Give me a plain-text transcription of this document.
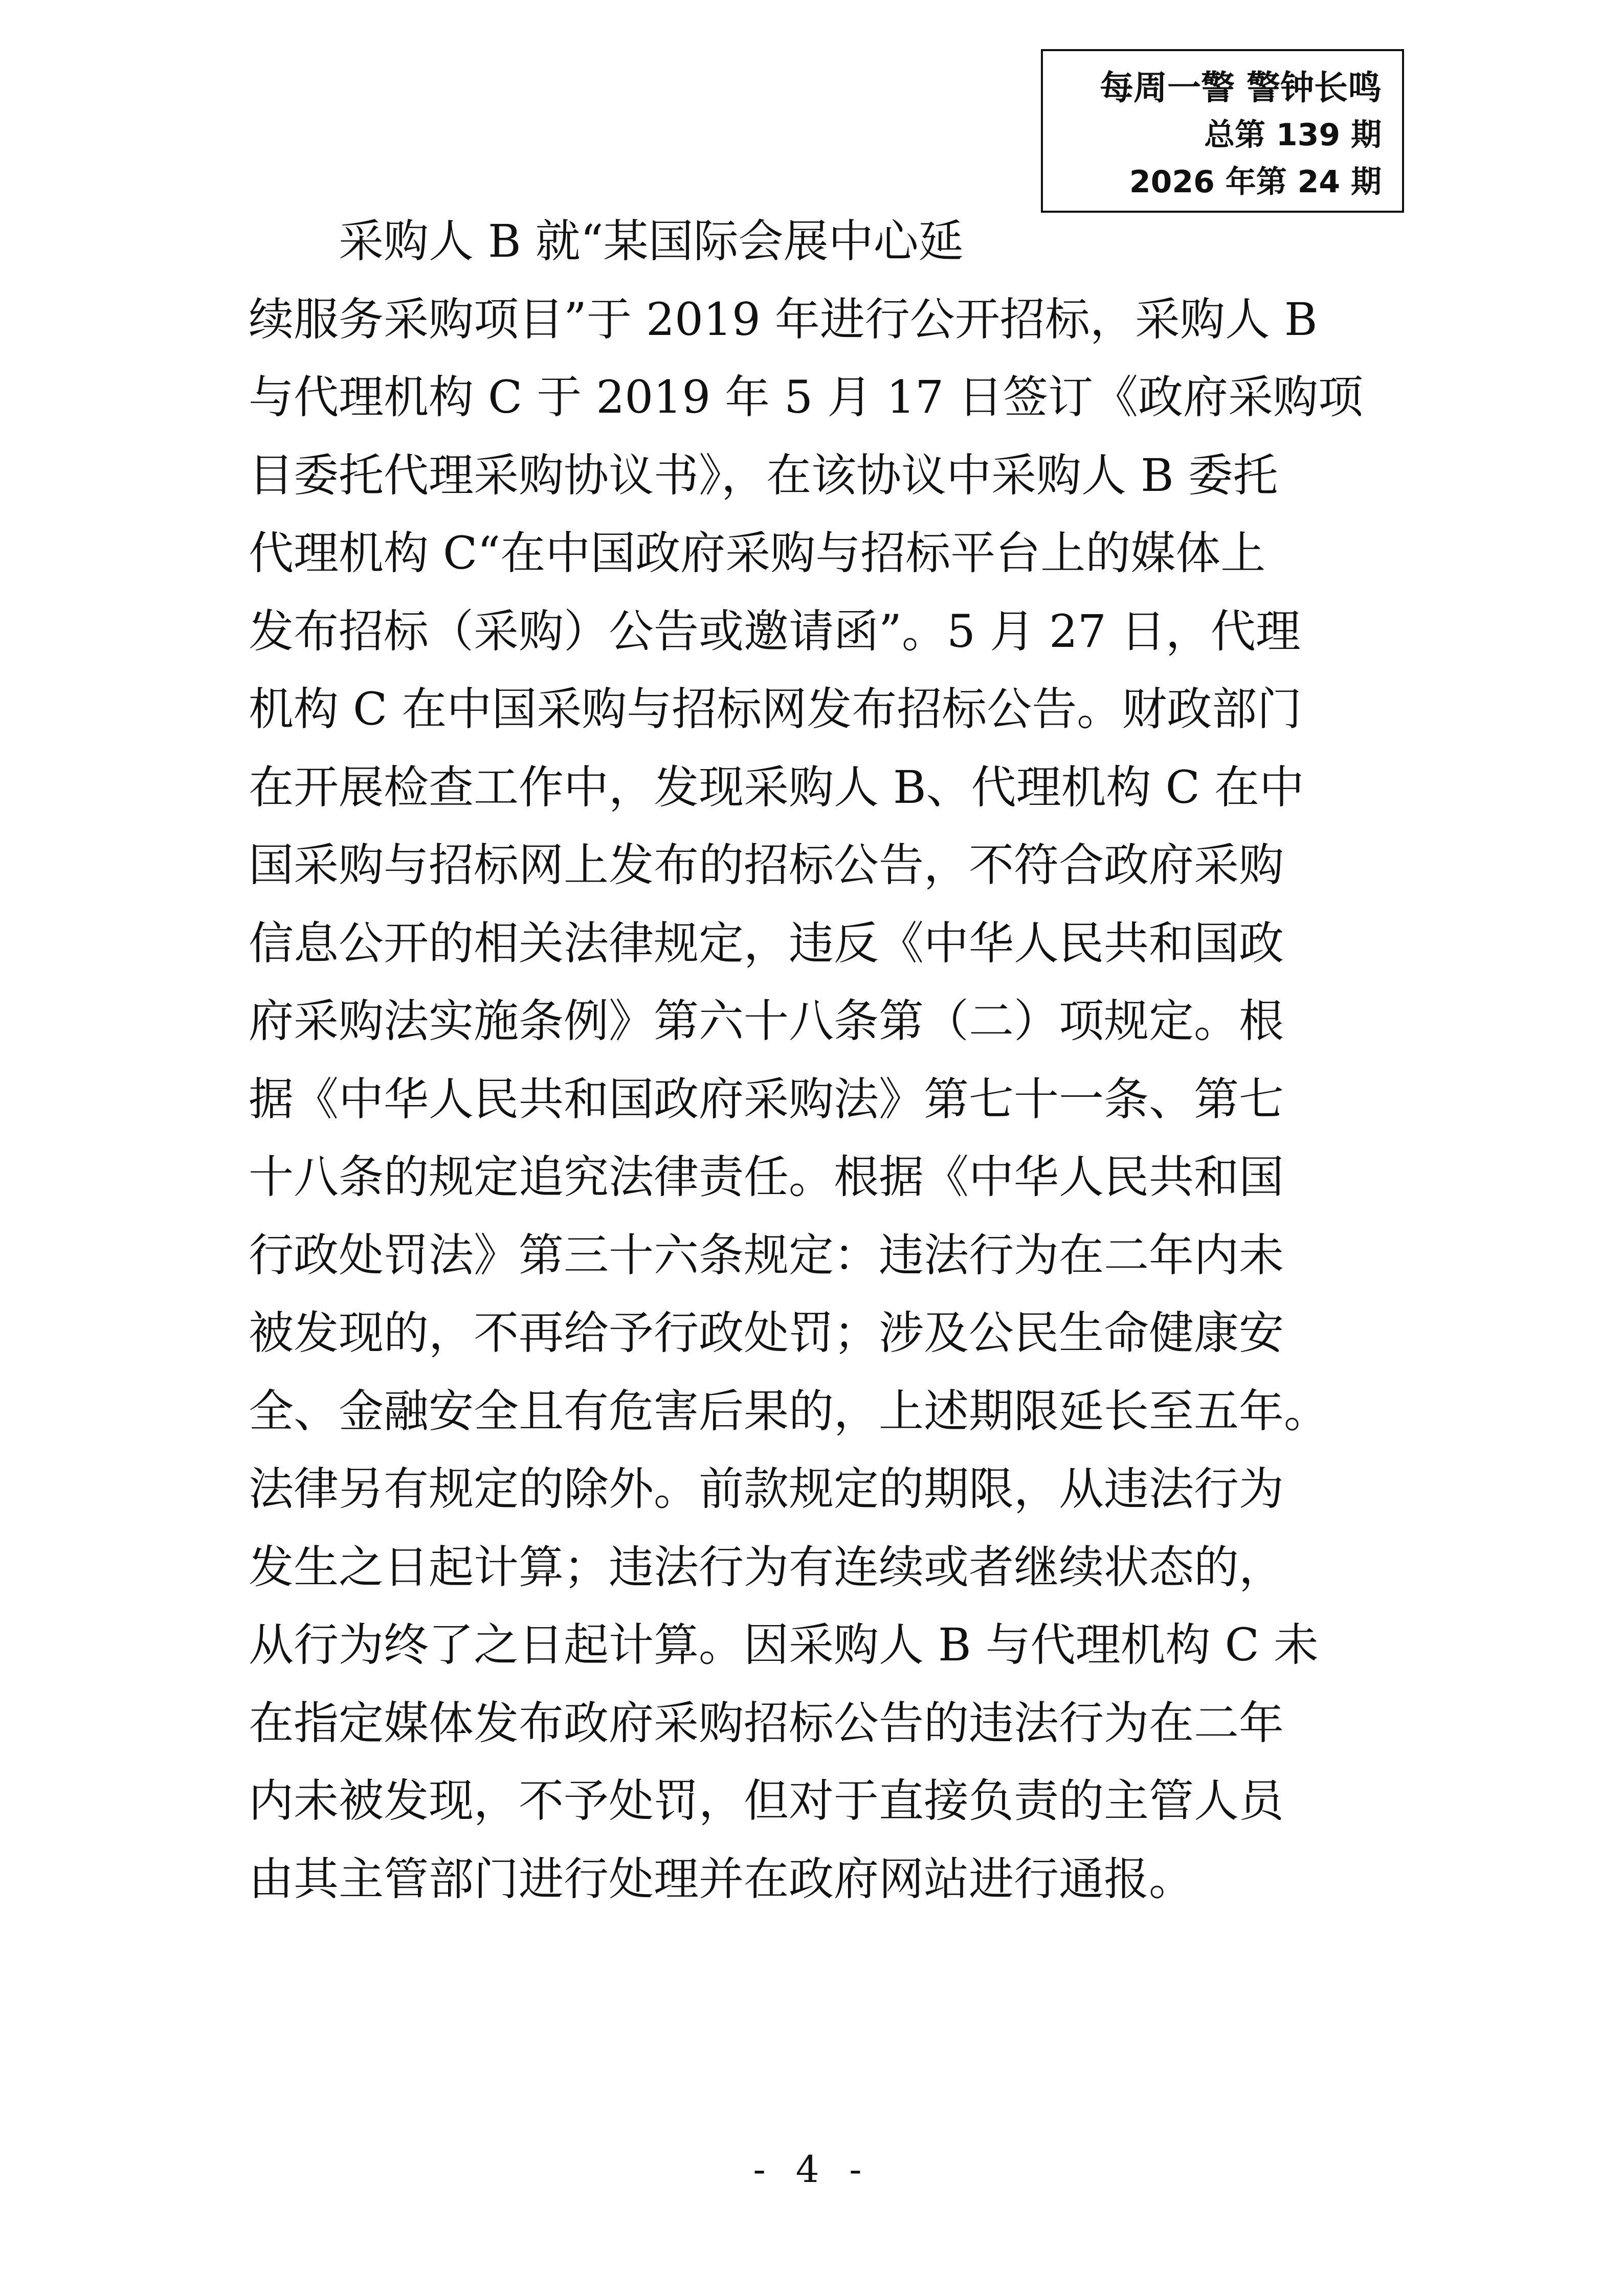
每周一警 警钟长鸣
总第 139 期
2026 年第 24 期
采购人 B 就“某国际会展中心延
续服务采购项目”于 2019 年进行公开招标，采购人 B
与代理机构 C 于 2019 年 5 月 17 日签订《政府采购项
目委托代理采购协议书》，在该协议中采购人 B 委托
代理机构 C“在中国政府采购与招标平台上的媒体上
发布招标（采购）公告或邀请函”。5 月 27 日，代理
机构 C 在中国采购与招标网发布招标公告。财政部门
在开展检查工作中，发现采购人 B、代理机构 C 在中
国采购与招标网上发布的招标公告，不符合政府采购
信息公开的相关法律规定，违反《中华人民共和国政
府采购法实施条例》第六十八条第（二）项规定。根
据《中华人民共和国政府采购法》第七十一条、第七
十八条的规定追究法律责任。根据《中华人民共和国
行政处罚法》第三十六条规定：违法行为在二年内未
被发现的，不再给予行政处罚；涉及公民生命健康安
全、金融安全且有危害后果的，上述期限延长至五年。
法律另有规定的除外。前款规定的期限，从违法行为
发生之日起计算；违法行为有连续或者继续状态的，
从行为终了之日起计算。因采购人 B 与代理机构 C 未
在指定媒体发布政府采购招标公告的违法行为在二年
内未被发现，不予处罚，但对于直接负责的主管人员
由其主管部门进行处理并在政府网站进行通报。
- 4 -
